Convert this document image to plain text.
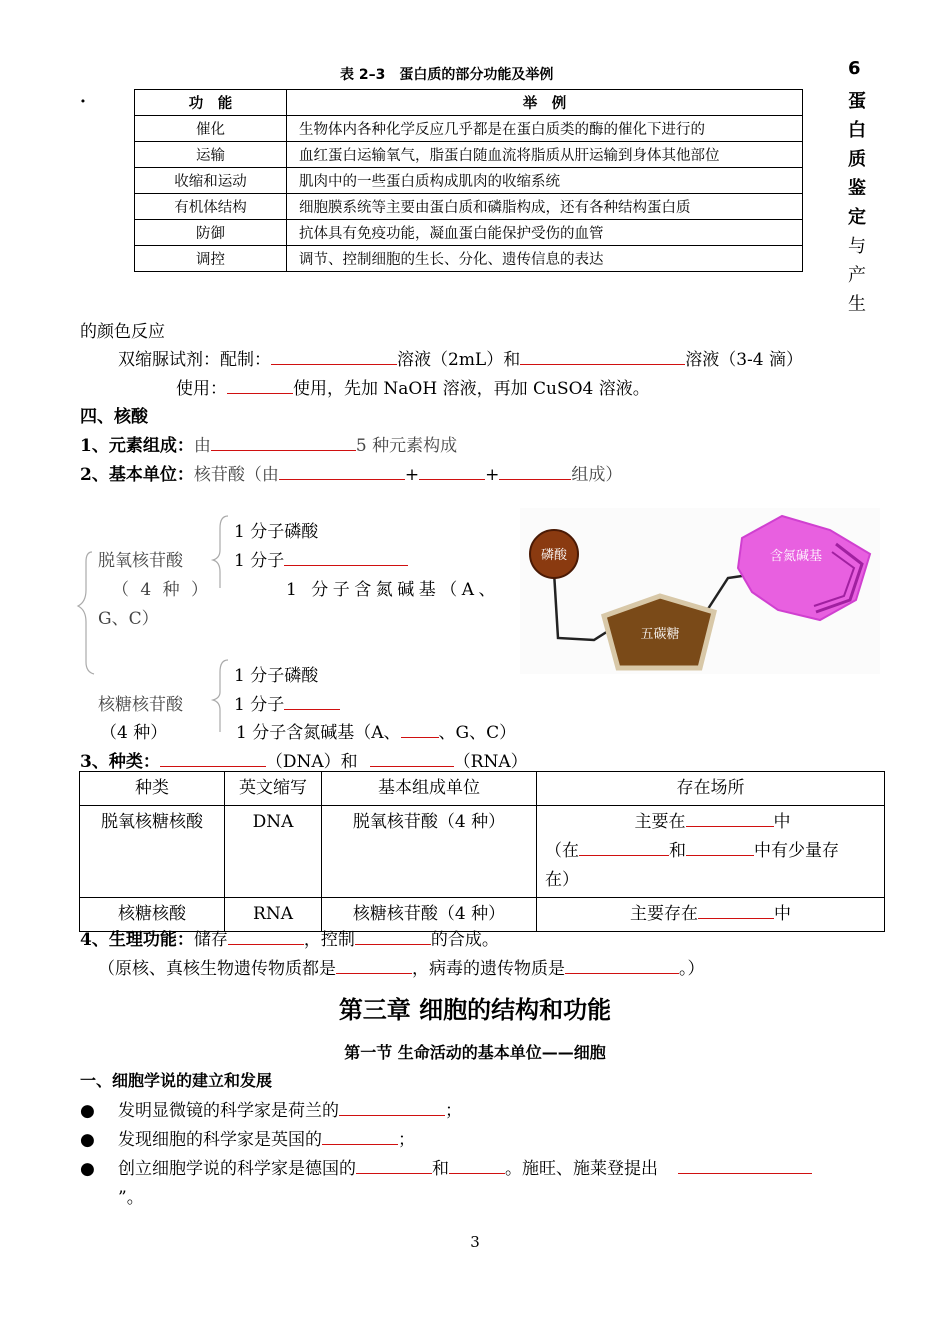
表 2–3　蛋白质的部分功能及举例
·	功　能	举　例
催化	生物体内各种化学反应几乎都是在蛋白质类的酶的催化下进行的
运输	血红蛋白运输氧气，脂蛋白随血流将脂质从肝运输到身体其他部位
收缩和运动	肌肉中的一些蛋白质构成肌肉的收缩系统
有机体结构	细胞膜系统等主要由蛋白质和磷脂构成，还有各种结构蛋白质
防御	抗体具有免疫功能，凝血蛋白能保护受伤的血管
调控	调节、控制细胞的生长、分化、遗传信息的表达
6
蛋
白
质
鉴
定
与
产
生
的颜色反应
双缩脲试剂：配制：	溶液（2mL）和	溶液（3-4 滴）
使用：	使用，先加 NaOH 溶液，再加 CuSO4 溶液。
四、核酸
1、元素组成：由	5 种元素构成
2、基本单位：核苷酸（由	+	+	组成）
脱氧核苷酸
（ 4 种 ）
G、C）
1 分子磷酸
1 分子
1 分子含氮碱基（A、
1 分子磷酸
核糖核苷酸	1 分子
（4 种）	1 分子含氮碱基（A、 、G、C）
磷酸
五碳糖
含氮碱基
3、种类：	（DNA）和	（RNA）
种类	英文缩写	基本组成单位	存在场所
脱氧核糖核酸	DNA	脱氧核苷酸（4 种）	主要在 中
（在 和 中有少量存
在）

核糖核酸	RNA	核糖核苷酸（4 种）	主要存在 中
4、生理功能：储存	，控制	的合成。
（原核、真核生物遗传物质都是	，病毒的遗传物质是	。）
第三章 细胞的结构和功能
第一节 生命活动的基本单位——细胞
一、细胞学说的建立和发展
● 发明显微镜的科学家是荷兰的	；
● 发现细胞的科学家是英国的	；
● 创立细胞学说的科学家是德国的	和	。施旺、施莱登提出
”。
3
